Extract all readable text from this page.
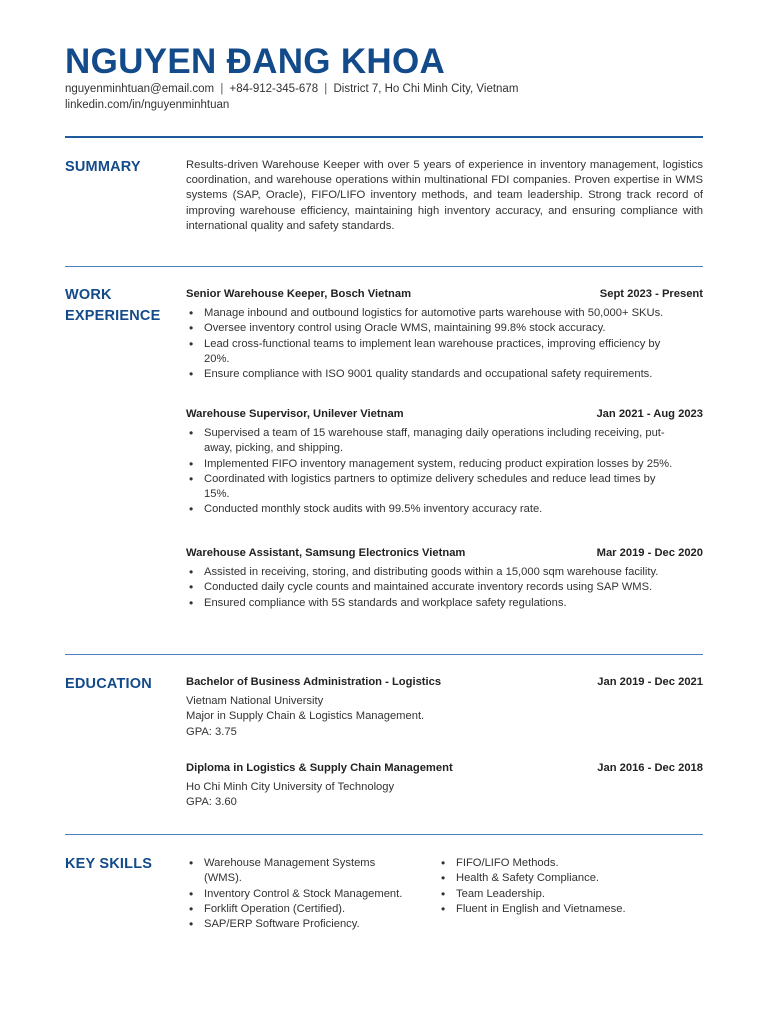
NGUYEN ĐANG KHOA
nguyenminhtuan@email.com | +84-912-345-678 | District 7, Ho Chi Minh City, Vietnam
linkedin.com/in/nguyenminhtuan
SUMMARY	Results-driven Warehouse Keeper with over 5 years of experience in inventory management, logistics coordination, and warehouse operations within multinational FDI companies. Proven expertise in WMS systems (SAP, Oracle), FIFO/LIFO inventory methods, and team leadership. Strong track record of improving warehouse efficiency, maintaining high inventory accuracy, and ensuring compliance with international quality and safety standards.
WORK
EXPERIENCE
Senior Warehouse Keeper, Bosch Vietnam	Sept 2023 - Present
• Manage inbound and outbound logistics for automotive parts warehouse with 50,000+ SKUs.
• Oversee inventory control using Oracle WMS, maintaining 99.8% stock accuracy.
• Lead cross-functional teams to implement lean warehouse practices, improving efficiency by 20%.
• Ensure compliance with ISO 9001 quality standards and occupational safety requirements.
Warehouse Supervisor, Unilever Vietnam	Jan 2021 - Aug 2023
• Supervised a team of 15 warehouse staff, managing daily operations including receiving, put-away, picking, and shipping.
• Implemented FIFO inventory management system, reducing product expiration losses by 25%.
• Coordinated with logistics partners to optimize delivery schedules and reduce lead times by 15%.
• Conducted monthly stock audits with 99.5% inventory accuracy rate.
Warehouse Assistant, Samsung Electronics Vietnam	Mar 2019 - Dec 2020
• Assisted in receiving, storing, and distributing goods within a 15,000 sqm warehouse facility.
• Conducted daily cycle counts and maintained accurate inventory records using SAP WMS.
• Ensured compliance with 5S standards and workplace safety regulations.
EDUCATION	Bachelor of Business Administration - Logistics	Jan 2019 - Dec 2021
Vietnam National University
Major in Supply Chain & Logistics Management.
GPA: 3.75
Diploma in Logistics & Supply Chain Management	Jan 2016 - Dec 2018
Ho Chi Minh City University of Technology
GPA: 3.60
KEY SKILLS
•	Warehouse Management Systems (WMS).
• Inventory Control & Stock Management.
• Forklift Operation (Certified).
• SAP/ERP Software Proficiency.
• FIFO/LIFO Methods.
• Health & Safety Compliance.
• Team Leadership.
• Fluent in English and Vietnamese.
